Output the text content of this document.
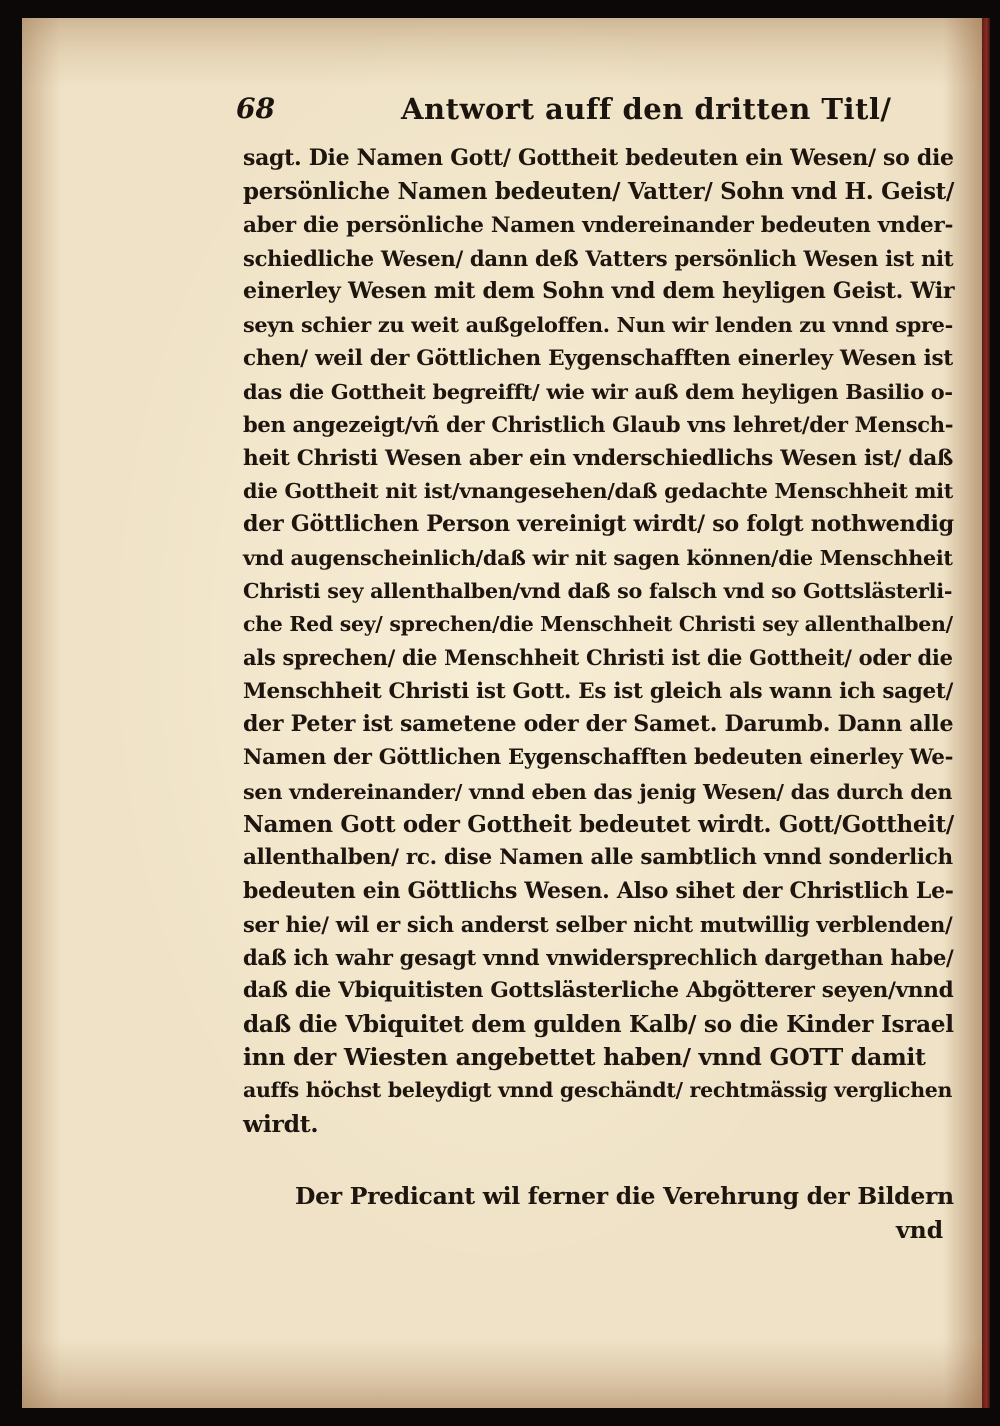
68	Antwort auff den dritten Titl/
sagt. Die Namen Gott/ Gottheit bedeuten ein Wesen/ so die
persönliche Namen bedeuten/ Vatter/ Sohn vnd H. Geist/
aber die persönliche Namen vndereinander bedeuten vnder-
schiedliche Wesen/ dann deß Vatters persönlich Wesen ist nit
einerley Wesen mit dem Sohn vnd dem heyligen Geist. Wir
seyn schier zu weit außgeloffen. Nun wir lenden zu vnnd spre-
chen/ weil der Göttlichen Eygenschafften einerley Wesen ist
das die Gottheit begreifft/ wie wir auß dem heyligen Basilio o-
ben angezeigt/vñ der Christlich Glaub vns lehret/der Mensch-
heit Christi Wesen aber ein vnderschiedlichs Wesen ist/ daß
die Gottheit nit ist/vnangesehen/daß gedachte Menschheit mit
der Göttlichen Person vereinigt wirdt/ so folgt nothwendig
vnd augenscheinlich/daß wir nit sagen können/die Menschheit
Christi sey allenthalben/vnd daß so falsch vnd so Gottslästerli-
che Red sey/ sprechen/die Menschheit Christi sey allenthalben/
als sprechen/ die Menschheit Christi ist die Gottheit/ oder die
Menschheit Christi ist Gott. Es ist gleich als wann ich saget/
der Peter ist sametene oder der Samet. Darumb. Dann alle
Namen der Göttlichen Eygenschafften bedeuten einerley We-
sen vndereinander/ vnnd eben das jenig Wesen/ das durch den
Namen Gott oder Gottheit bedeutet wirdt. Gott/Gottheit/
allenthalben/ rc. dise Namen alle sambtlich vnnd sonderlich
bedeuten ein Göttlichs Wesen. Also sihet der Christlich Le-
ser hie/ wil er sich anderst selber nicht mutwillig verblenden/
daß ich wahr gesagt vnnd vnwidersprechlich dargethan habe/
daß die Vbiquitisten Gottslästerliche Abgötterer seyen/vnnd
daß die Vbiquitet dem gulden Kalb/ so die Kinder Israel
inn der Wiesten angebettet haben/ vnnd GOTT damit
auffs höchst beleydigt vnnd geschändt/ rechtmässig verglichen
wirdt.
Der Predicant wil ferner die Verehrung der Bildern
vnd
